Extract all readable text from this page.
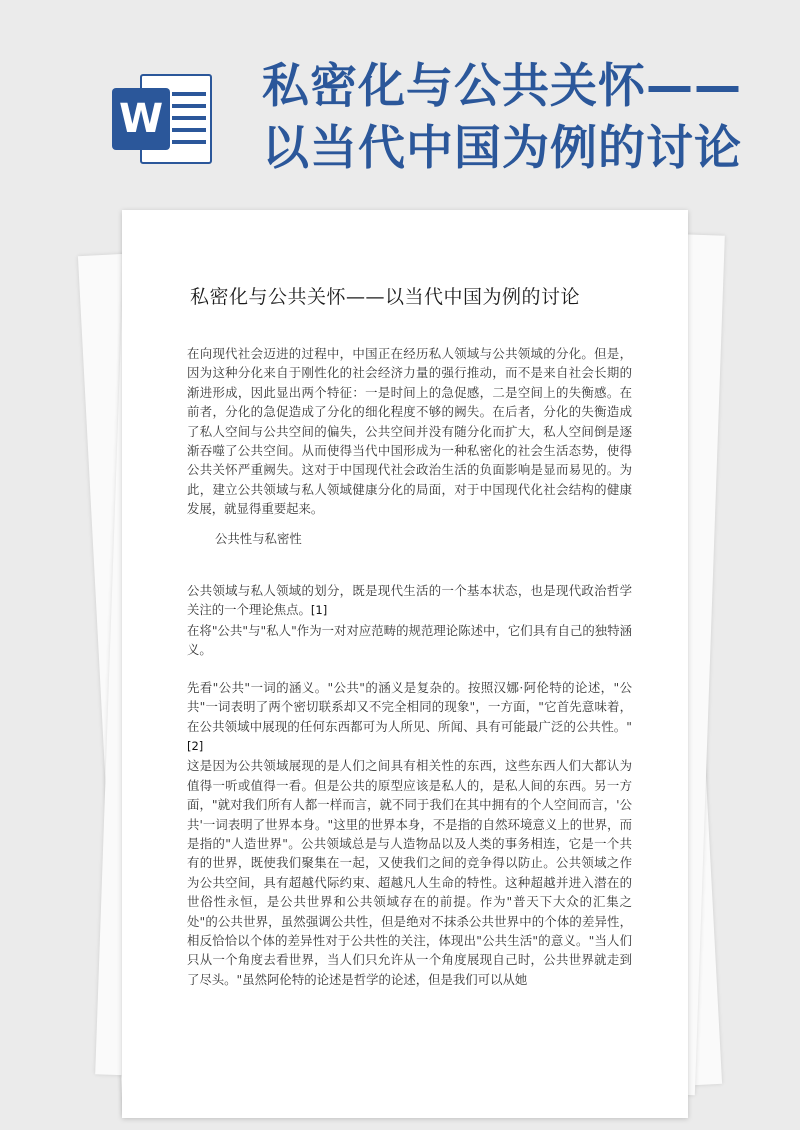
W
私密化与公共关怀——
以当代中国为例的讨论
私密化与公共关怀——以当代中国为例的讨论

在向现代社会迈进的过程中，中国正在经历私人领域与公共领域的分化。但是，因为这种分化来自于刚性化的社会经济力量的强行推动，而不是来自社会长期的渐进形成，因此显出两个特征：一是时间上的急促感，二是空间上的失衡感。在前者，分化的急促造成了分化的细化程度不够的阙失。在后者，分化的失衡造成了私人空间与公共空间的偏失，公共空间并没有随分化而扩大，私人空间倒是逐渐吞噬了公共空间。从而使得当代中国形成为一种私密化的社会生活态势，使得公共关怀严重阙失。这对于中国现代社会政治生活的负面影响是显而易见的。为此，建立公共领域与私人领域健康分化的局面，对于中国现代化社会结构的健康发展，就显得重要起来。

公共性与私密性

公共领域与私人领域的划分，既是现代生活的一个基本状态，也是现代政治哲学关注的一个理论焦点。[1]

在将"公共"与"私人"作为一对对应范畴的规范理论陈述中，它们具有自己的独特涵义。

先看"公共"一词的涵义。"公共"的涵义是复杂的。按照汉娜·阿伦特的论述，"公共"一词表明了两个密切联系却又不完全相同的现象"，一方面，"它首先意味着，在公共领域中展现的任何东西都可为人所见、所闻、具有可能最广泛的公共性。"[2]

这是因为公共领域展现的是人们之间具有相关性的东西，这些东西人们大都认为值得一听或值得一看。但是公共的原型应该是私人的，是私人间的东西。另一方面，"就对我们所有人都一样而言，就不同于我们在其中拥有的个人空间而言，'公共'一词表明了世界本身。"这里的世界本身，不是指的自然环境意义上的世界，而是指的"人造世界"。公共领域总是与人造物品以及人类的事务相连，它是一个共有的世界，既使我们聚集在一起，又使我们之间的竞争得以防止。公共领域之作为公共空间，具有超越代际约束、超越凡人生命的特性。这种超越并进入潜在的世俗性永恒，是公共世界和公共领域存在的前提。作为"普天下大众的汇集之处"的公共世界，虽然强调公共性，但是绝对不抹杀公共世界中的个体的差异性，相反恰恰以个体的差异性对于公共性的关注，体现出"公共生活"的意义。"当人们只从一个角度去看世界，当人们只允许从一个角度展现自己时，公共世界就走到了尽头。"虽然阿伦特的论述是哲学的论述，但是我们可以从她
